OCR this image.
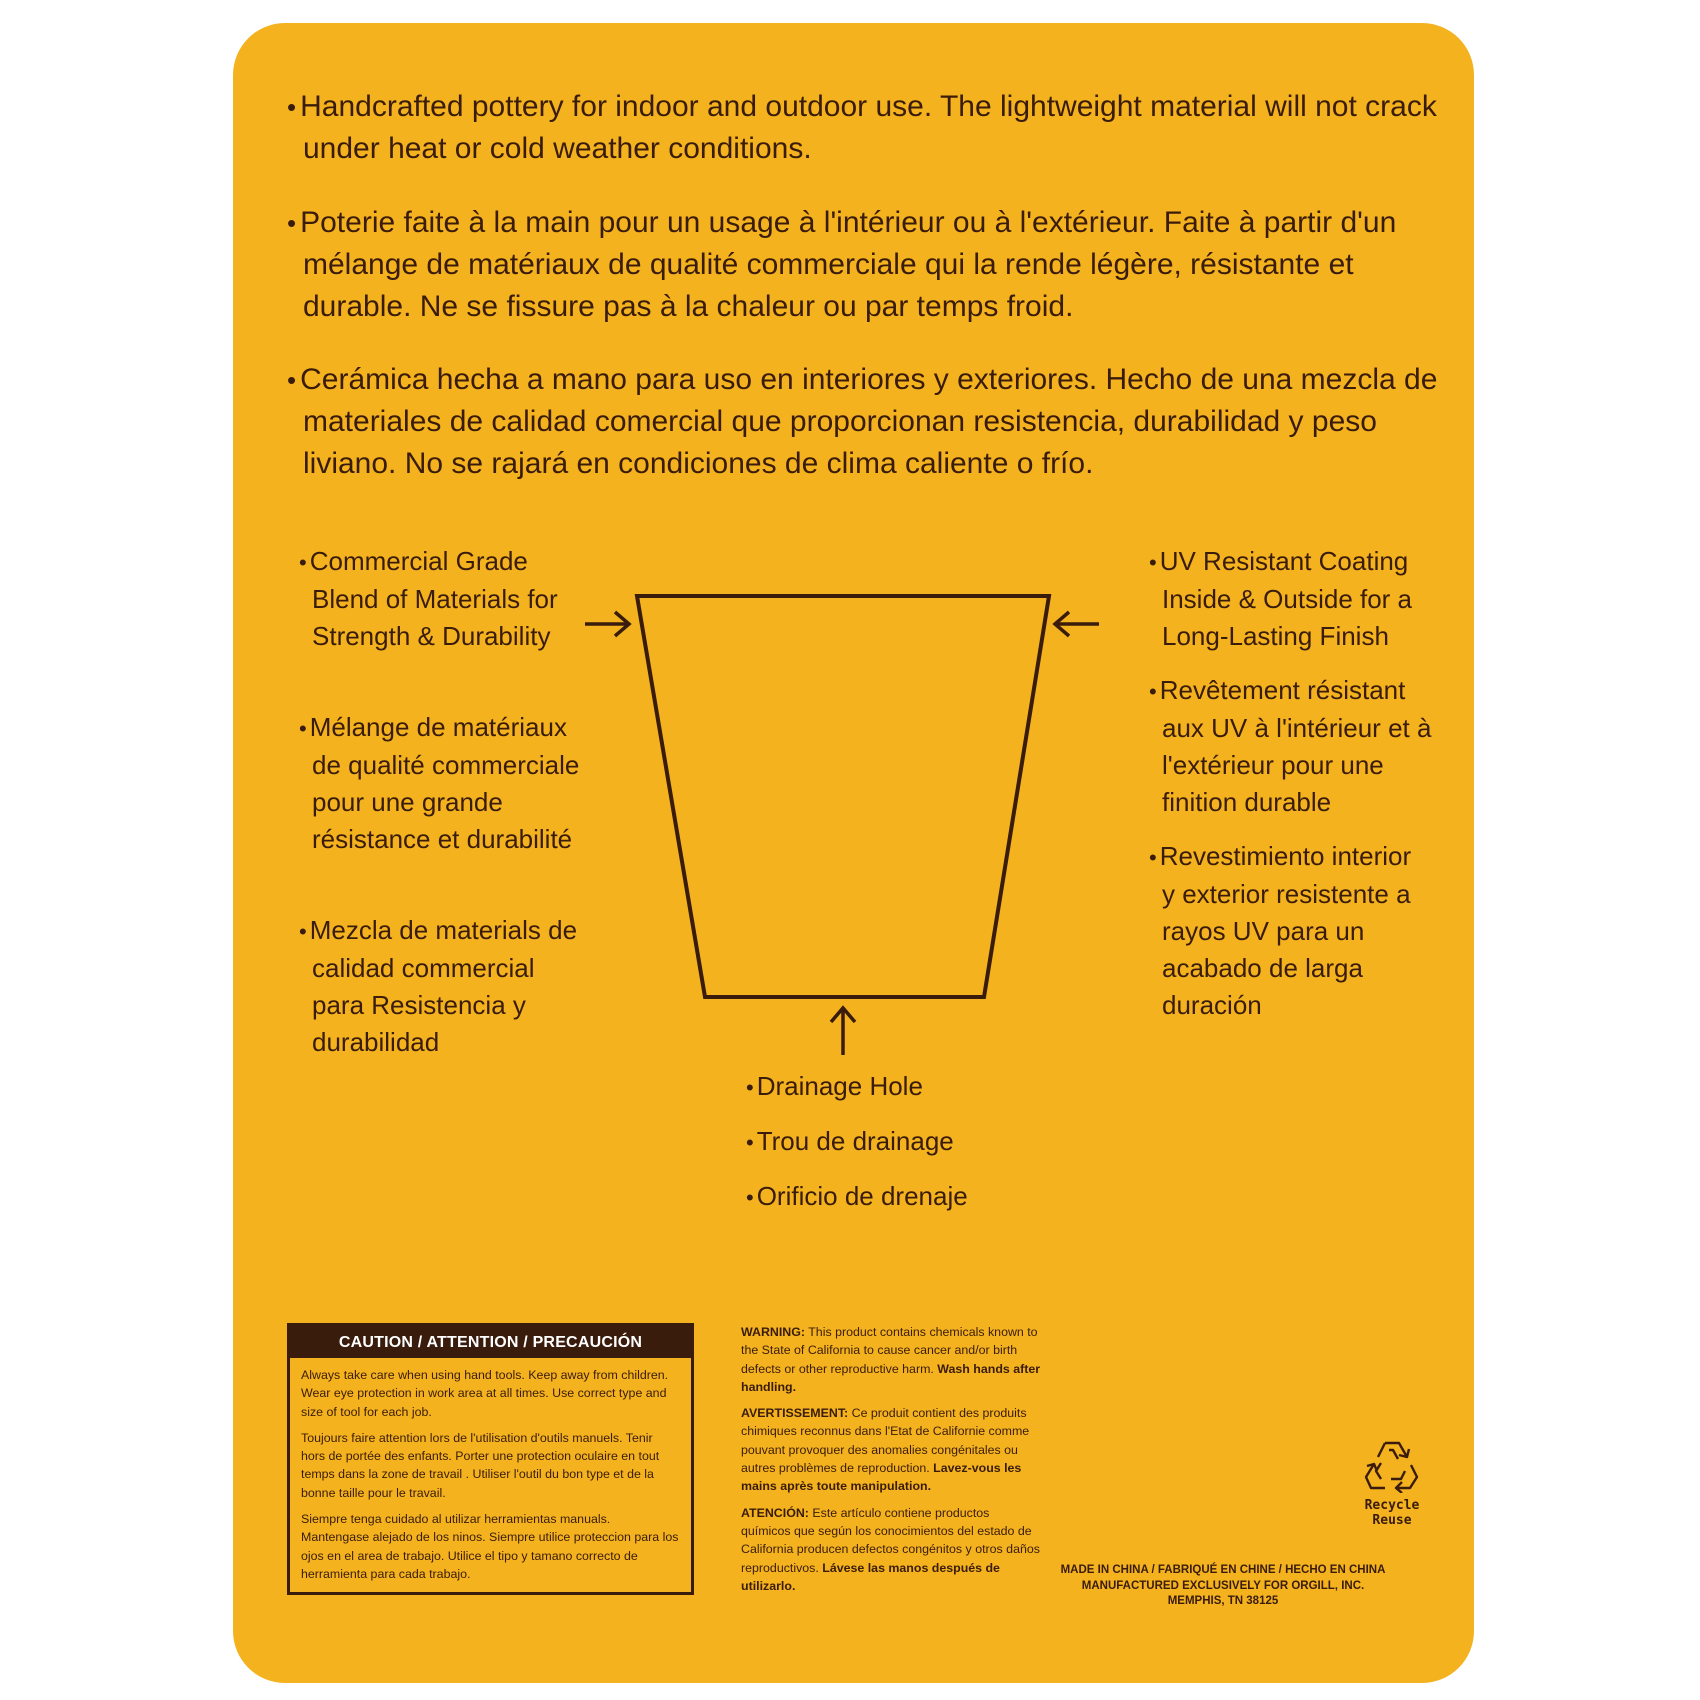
• Handcrafted pottery for indoor and outdoor use. The lightweight material will not crack under heat or cold weather conditions.

• Poterie faite à la main pour un usage à l'intérieur ou à l'extérieur. Faite à partir d'un mélange de matériaux de qualité commerciale qui la rende légère, résistante et durable. Ne se fissure pas à la chaleur ou par temps froid.

• Cerámica hecha a mano para uso en interiores y exteriores. Hecho de una mezcla de materiales de calidad comercial que proporcionan resistencia, durabilidad y peso liviano. No se rajará en condiciones de clima caliente o frío.

• Commercial Grade Blend of Materials for Strength & Durability
• Mélange de matériaux de qualité commerciale pour une grande résistance et durabilité
• Mezcla de materials de calidad commercial para Resistencia y durabilidad
• UV Resistant Coating Inside & Outside for a Long-Lasting Finish
• Revêtement résistant aux UV à l'intérieur et à l'extérieur pour une finition durable
• Revestimiento interior y exterior resistente a rayos UV para un acabado de larga duración
• Drainage Hole
• Trou de drainage
• Orificio de drenaje
CAUTION / ATTENTION / PRECAUCIÓN

Always take care when using hand tools. Keep away from children. Wear eye protection in work area at all times. Use correct type and size of tool for each job.

Toujours faire attention lors de l'utilisation d'outils manuels. Tenir hors de portée des enfants. Porter une protection oculaire en tout temps dans la zone de travail . Utiliser l'outil du bon type et de la bonne taille pour le travail.

Siempre tenga cuidado al utilizar herramientas manuals. Mantengase alejado de los ninos. Siempre utilice proteccion para los ojos en el area de trabajo. Utilice el tipo y tamano correcto de herramienta para cada trabajo.

WARNING: This product contains chemicals known to the State of California to cause cancer and/or birth defects or other reproductive harm. Wash hands after handling.

AVERTISSEMENT: Ce produit contient des produits chimiques reconnus dans l'Etat de Californie comme pouvant provoquer des anomalies congénitales ou autres problèmes de reproduction. Lavez-vous les mains après toute manipulation.

ATENCIÓN: Este artículo contiene productos químicos que según los conocimientos del estado de California producen defectos congénitos y otros daños reproductivos. Lávese las manos después de utilizarlo.

Recycle
Reuse
MADE IN CHINA / FABRIQUÉ EN CHINE / HECHO EN CHINA
MANUFACTURED EXCLUSIVELY FOR ORGILL, INC.
MEMPHIS, TN 38125
